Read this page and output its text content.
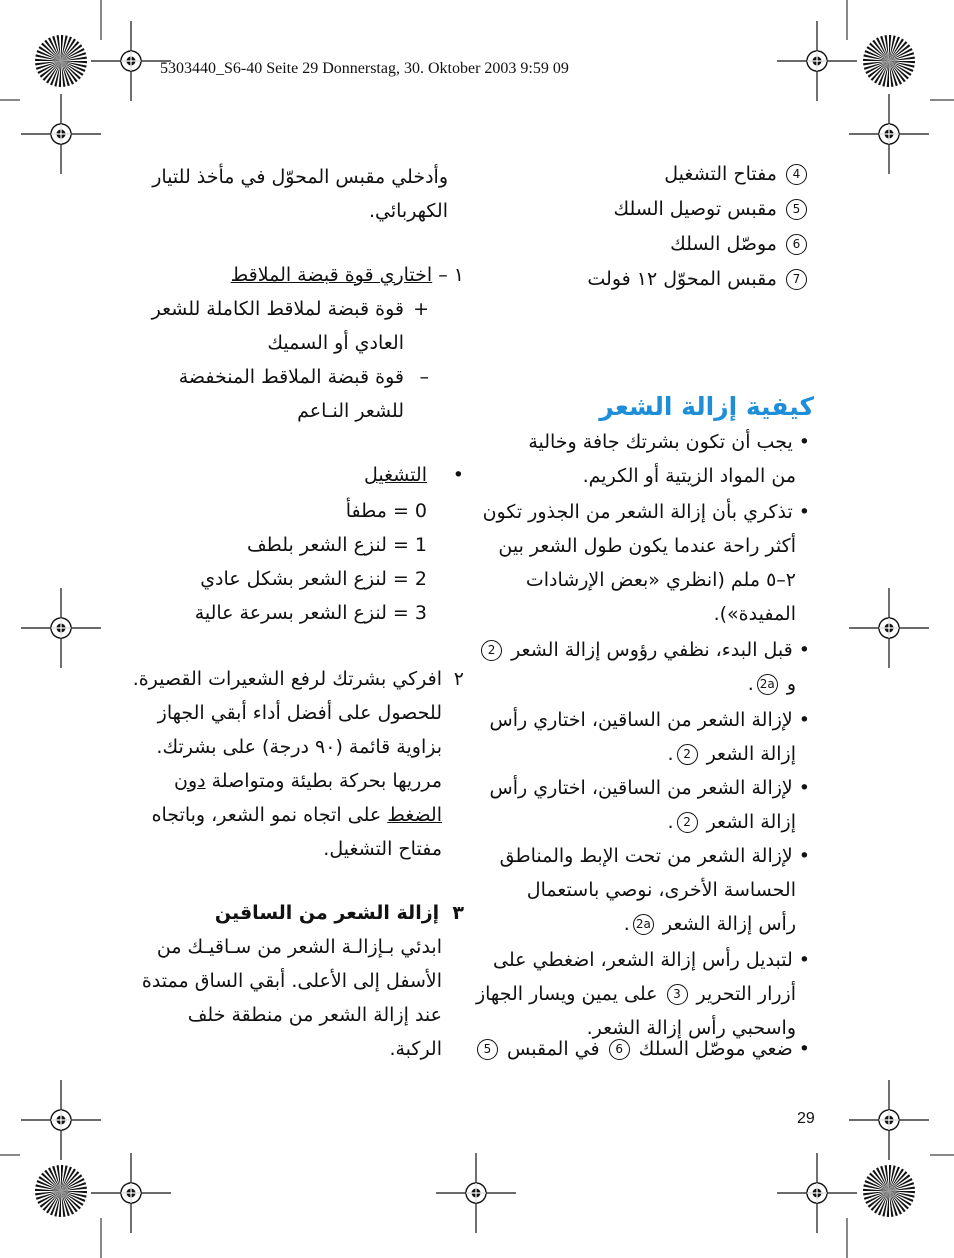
5303440_S6-40 Seite 29 Donnerstag, 30. Oktober 2003 9:59 09
29
4 مفتاح التشغيل
5 مقبس توصيل السلك
6 موصّل السلك
7 مقبس المحوّل ١٢ فولت
كيفية إزالة الشعر
• يجب أن تكون بشرتك جافة وخالية
من المواد الزيتية أو الكريم.
• تذكري بأن إزالة الشعر من الجذور تكون
أكثر راحة عندما يكون طول الشعر بين
٢–٥ ملم (انظري «بعض الإرشادات
المفيدة»).
• قبل البدء، نظفي رؤوس إزالة الشعر 2
و 2a.
• لإزالة الشعر من الساقين، اختاري رأس
إزالة الشعر 2.
• لإزالة الشعر من الساقين، اختاري رأس
إزالة الشعر 2.
• لإزالة الشعر من تحت الإبط والمناطق
الحساسة الأخرى، نوصي باستعمال
رأس إزالة الشعر 2a.
• لتبديل رأس إزالة الشعر، اضغطي على
أزرار التحرير 3 على يمين ويسار الجهاز
واسحبي رأس إزالة الشعر.
• ضعي موصّل السلك 6 في المقبس 5
وأدخلي مقبس المحوّل في مأخذ للتيار
الكهربائي.
١ – اختاري قوة قبضة الملاقط
+
قوة قبضة لملاقط الكاملة للشعر
العادي أو السميك
–
قوة قبضة الملاقط المنخفضة
للشعر النـاعم
•
التشغيل
0 = مطفأ
1 = لنزع الشعر بلطف
2 = لنزع الشعر بشكل عادي
3 = لنزع الشعر بسرعة عالية
٢
افركي بشرتك لرفع الشعيرات القصيرة.
للحصول على أفضل أداء أبقي الجهاز
بزاوية قائمة (٩٠ درجة) على بشرتك.
مرريها بحركة بطيئة ومتواصلة دون
الضغط على اتجاه نمو الشعر، وباتجاه
مفتاح التشغيل.
٣  إزالة الشعر من الساقين
ابدئي بـإزالـة الشعر من سـاقيـك من
الأسفل إلى الأعلى. أبقي الساق ممتدة
عند إزالة الشعر من منطقة خلف
الركبة.
